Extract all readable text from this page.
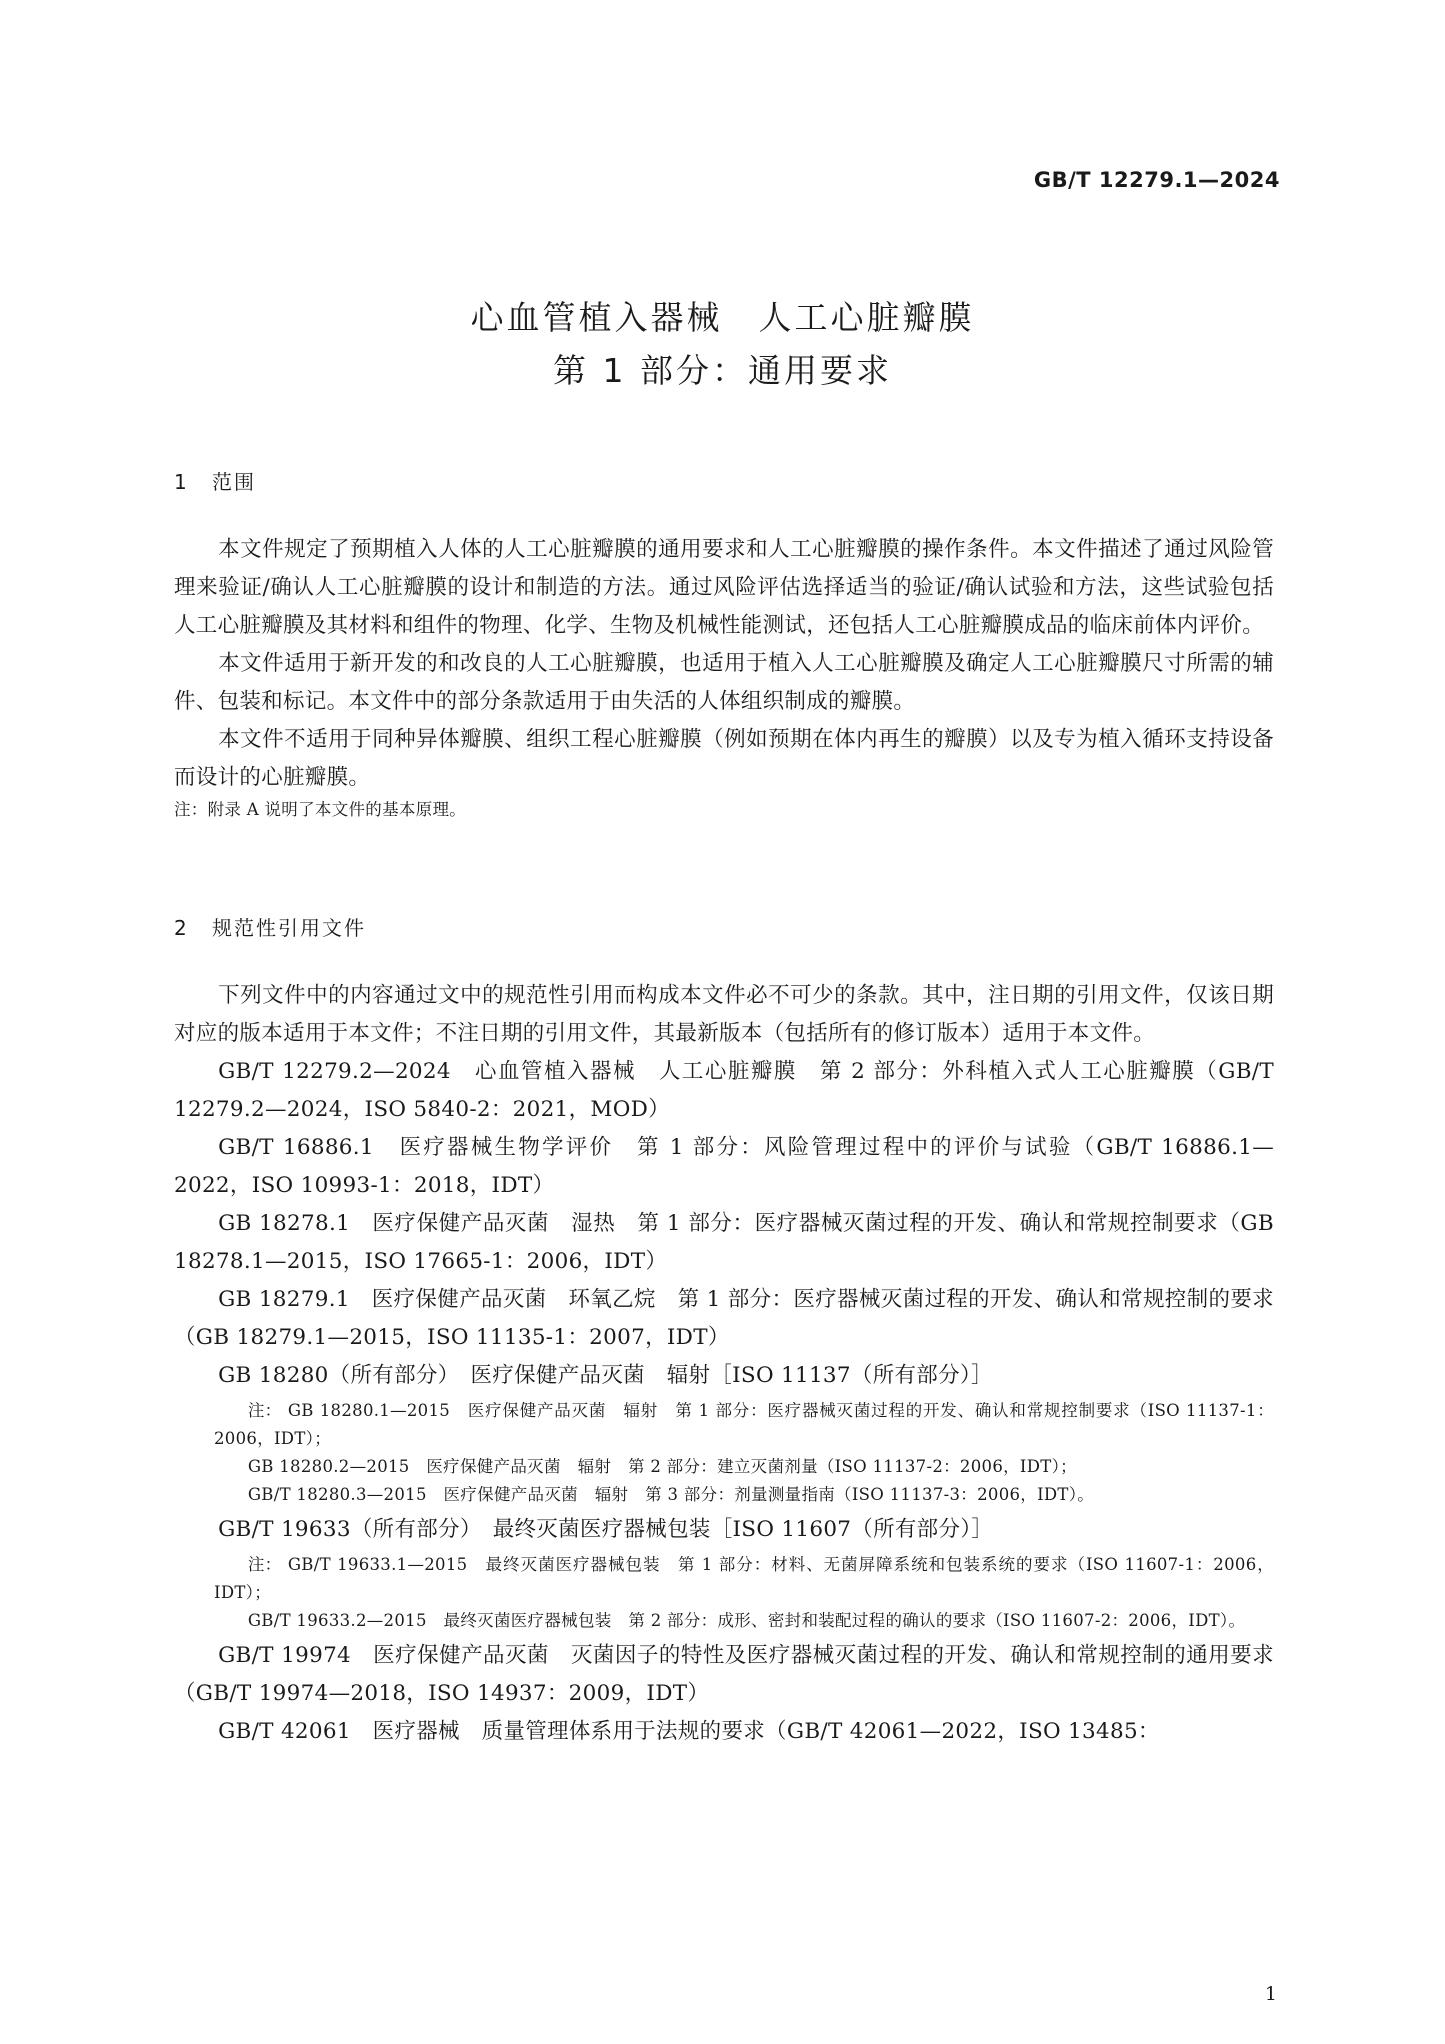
GB/T 12279.1—2024
心血管植入器械　人工心脏瓣膜
第 1 部分：通用要求
1 范围

本文件规定了预期植入人体的人工心脏瓣膜的通用要求和人工心脏瓣膜的操作条件。本文件描述了通过风险管理来验证/确认人工心脏瓣膜的设计和制造的方法。通过风险评估选择适当的验证/确认试验和方法，这些试验包括人工心脏瓣膜及其材料和组件的物理、化学、生物及机械性能测试，还包括人工心脏瓣膜成品的临床前体内评价。

本文件适用于新开发的和改良的人工心脏瓣膜，也适用于植入人工心脏瓣膜及确定人工心脏瓣膜尺寸所需的辅件、包装和标记。本文件中的部分条款适用于由失活的人体组织制成的瓣膜。

本文件不适用于同种异体瓣膜、组织工程心脏瓣膜（例如预期在体内再生的瓣膜）以及专为植入循环支持设备而设计的心脏瓣膜。

注：附录 A 说明了本文件的基本原理。

2 规范性引用文件

下列文件中的内容通过文中的规范性引用而构成本文件必不可少的条款。其中，注日期的引用文件，仅该日期对应的版本适用于本文件；不注日期的引用文件，其最新版本（包括所有的修订版本）适用于本文件。

GB/T 12279.2—2024　心血管植入器械　人工心脏瓣膜　第 2 部分：外科植入式人工心脏瓣膜（GB/T 12279.2—2024，ISO 5840-2：2021，MOD）

GB/T 16886.1　医疗器械生物学评价　第 1 部分：风险管理过程中的评价与试验（GB/T 16886.1—2022，ISO 10993-1：2018，IDT）

GB 18278.1　医疗保健产品灭菌　湿热　第 1 部分：医疗器械灭菌过程的开发、确认和常规控制要求（GB 18278.1—2015，ISO 17665-1：2006，IDT）

GB 18279.1　医疗保健产品灭菌　环氧乙烷　第 1 部分：医疗器械灭菌过程的开发、确认和常规控制的要求（GB 18279.1—2015，ISO 11135-1：2007，IDT）

GB 18280（所有部分）　医疗保健产品灭菌　辐射［ISO 11137（所有部分）］

注： GB 18280.1—2015　医疗保健产品灭菌　辐射　第 1 部分：医疗器械灭菌过程的开发、确认和常规控制要求（ISO 11137-1：2006，IDT）；

GB 18280.2—2015　医疗保健产品灭菌　辐射　第 2 部分：建立灭菌剂量（ISO 11137-2：2006，IDT）；

GB/T 18280.3—2015　医疗保健产品灭菌　辐射　第 3 部分：剂量测量指南（ISO 11137-3：2006，IDT）。

GB/T 19633（所有部分）　最终灭菌医疗器械包装［ISO 11607（所有部分）］

注： GB/T 19633.1—2015　最终灭菌医疗器械包装　第 1 部分：材料、无菌屏障系统和包装系统的要求（ISO 11607-1：2006，IDT）；

GB/T 19633.2—2015　最终灭菌医疗器械包装　第 2 部分：成形、密封和装配过程的确认的要求（ISO 11607-2：2006，IDT）。

GB/T 19974　医疗保健产品灭菌　灭菌因子的特性及医疗器械灭菌过程的开发、确认和常规控制的通用要求（GB/T 19974—2018，ISO 14937：2009，IDT）

GB/T 42061　医疗器械　质量管理体系用于法规的要求（GB/T 42061—2022，ISO 13485：

1
